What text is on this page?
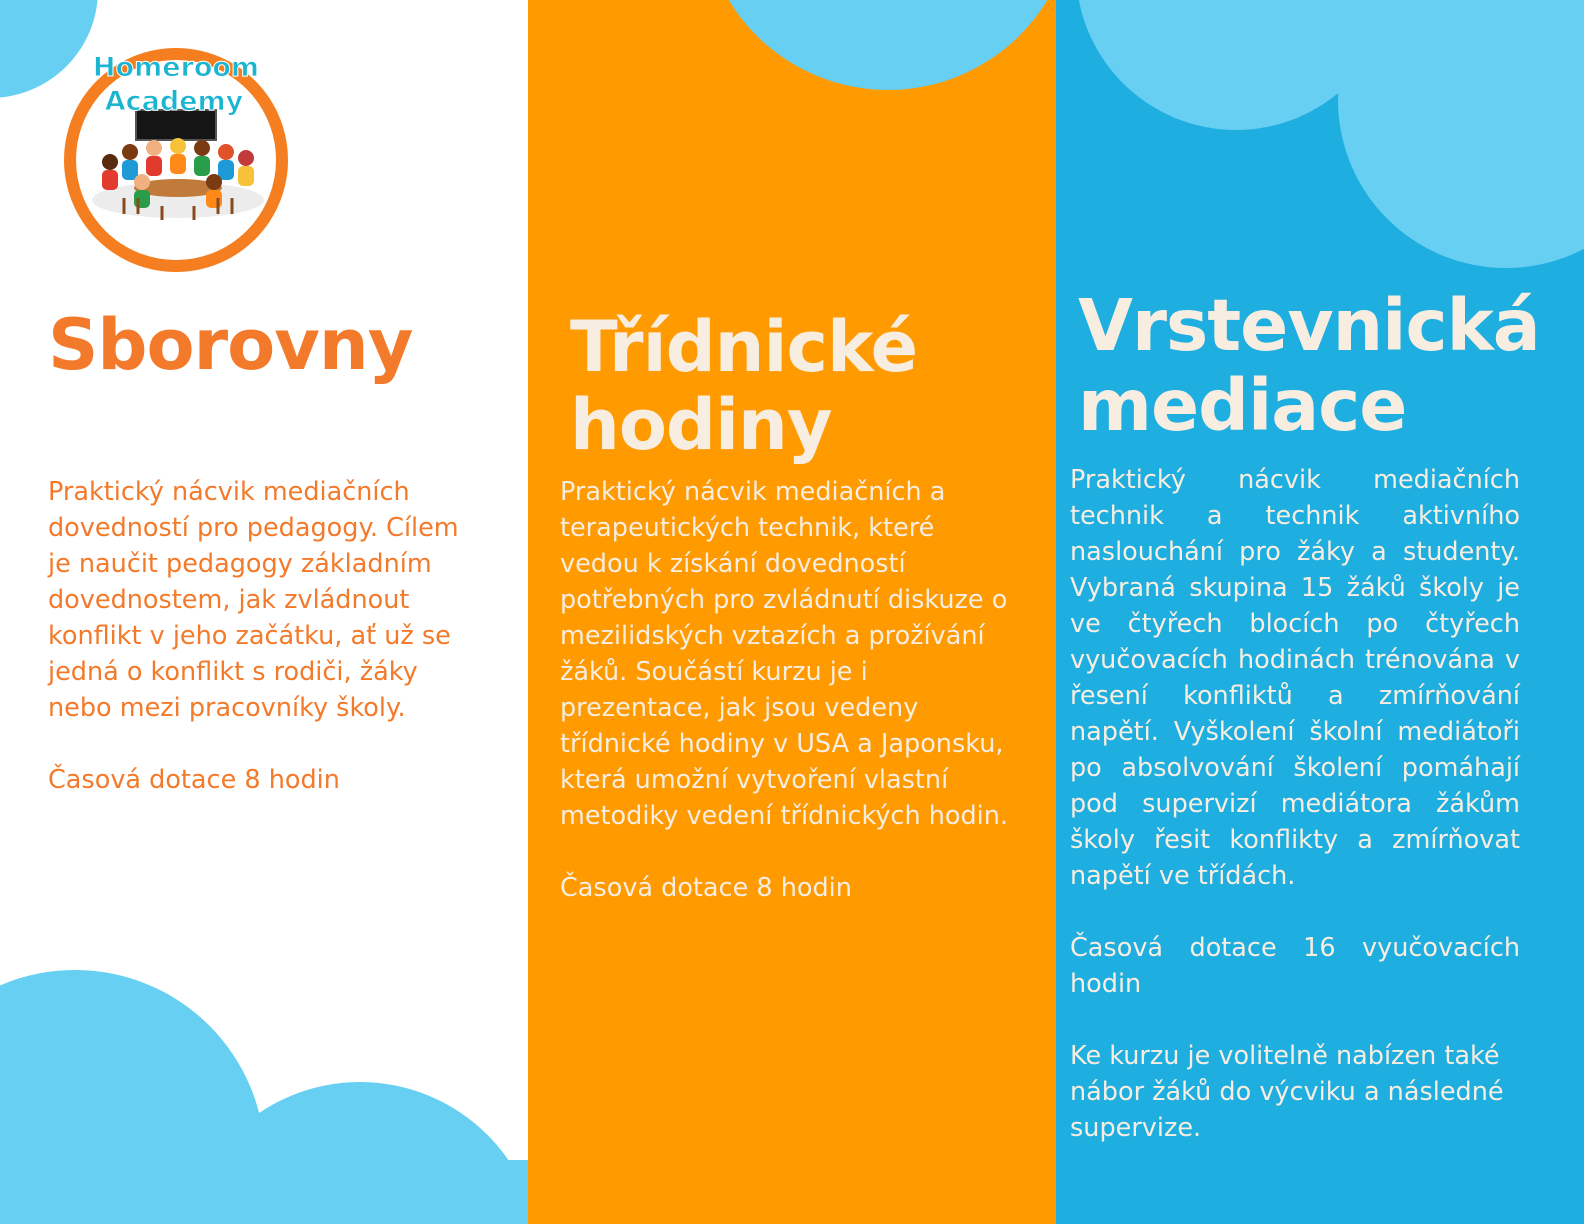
Homeroom
Academy
Sborovny

Praktický nácvik mediačních dovedností pro pedagogy. Cílem je naučit pedagogy základním dovednostem, jak zvládnout konflikt v jeho začátku, ať už se jedná o konflikt s rodiči, žáky nebo mezi pracovníky školy.

Časová dotace 8 hodin

Třídnické
hodiny

Praktický nácvik mediačních a terapeutických technik, které vedou k získání dovedností potřebných pro zvládnutí diskuze o mezilidských vztazích a prožívání žáků. Součástí kurzu je i prezentace, jak jsou vedeny třídnické hodiny v USA a Japonsku, která umožní vytvoření vlastní metodiky vedení třídnických hodin.

Časová dotace 8 hodin

Vrstevnická
mediace

Praktický nácvik mediačních technik a technik aktivního naslouchání pro žáky a studenty. Vybraná skupina 15 žáků školy je ve čtyřech blocích po čtyřech vyučovacích hodinách trénována v řesení konfliktů a zmírňování napětí. Vyškolení školní mediátoři po absolvování školení pomáhají pod supervizí mediátora žákům školy řesit konflikty a zmírňovat napětí ve třídách.

Časová dotace 16 vyučovacích hodin

Ke kurzu je volitelně nabízen také nábor žáků do výcviku a následné supervize.
